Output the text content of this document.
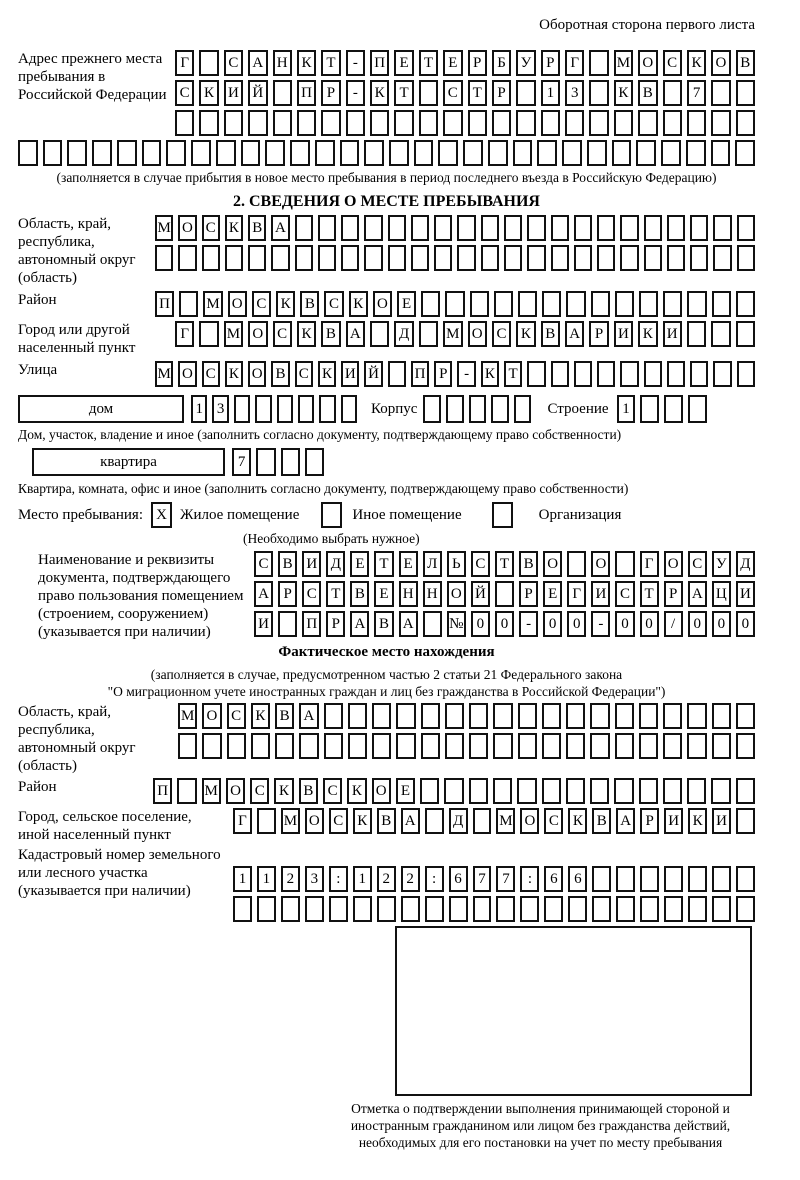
Оборотная сторона первого листа
Адрес прежнего места пребывания в Российской Федерации
Г	С А Н К Т	-	П Е	Т	Е	Р	Б У Р	Г	М О С К О В
С К И Й	П Р	-	К Т	С Т	Р	1	3	К В	7
(заполняется в случае прибытия в новое место пребывания в период последнего въезда в Российскую Федерацию)
2. СВЕДЕНИЯ О МЕСТЕ ПРЕБЫВАНИЯ
Область, край, республика, автономный округ (область)
М О С К В А
Район	П М О С К В С К О Е
Город или другой населенный пункт
Г	М О С К В А	Д	М О С К В А Р И К И
Улица	М О С К О В С К И Й П Р	-	К Т
дом	1 3	Корпус	Строение 1
Дом, участок, владение и иное (заполнить согласно документу, подтверждающему право собственности)
квартира	7
Квартира, комната, офис и иное (заполнить согласно документу, подтверждающему право собственности)
Место пребывания: Х Жилое помещение	Иное помещение	Организация
(Необходимо выбрать нужное)
Наименование и реквизиты документа, подтверждающего право пользования помещением (строением, сооружением) (указывается при наличии)
С В И Д Е Т Е Л Ь С Т В О О	Г О С У Д
А Р С Т В Е Н Н О Й	Р	Е	Г И С Т	Р А Ц И
И П Р А В А № 0	0	-	0	0	-	0	0	/	0	0	0
Фактическое место нахождения
(заполняется в случае, предусмотренном частью 2 статьи 21 Федерального закона
"О миграционном учете иностранных граждан и лиц без гражданства в Российской Федерации")
Область, край, республика, автономный округ (область)
М О С К В А
Район	П М О С К В С К О Е
Город, сельское поселение, иной населенный пункт
Г	М О С К В А Д М О С К В А Р И К И
Кадастровый номер земельного или лесного участка (указывается при наличии)
1	1	2	3	:	1	2	2	:	6	7	7	:	6	6
Отметка о подтверждении выполнения принимающей стороной и иностранным гражданином или лицом без гражданства действий, необходимых для его постановки на учет по месту пребывания
